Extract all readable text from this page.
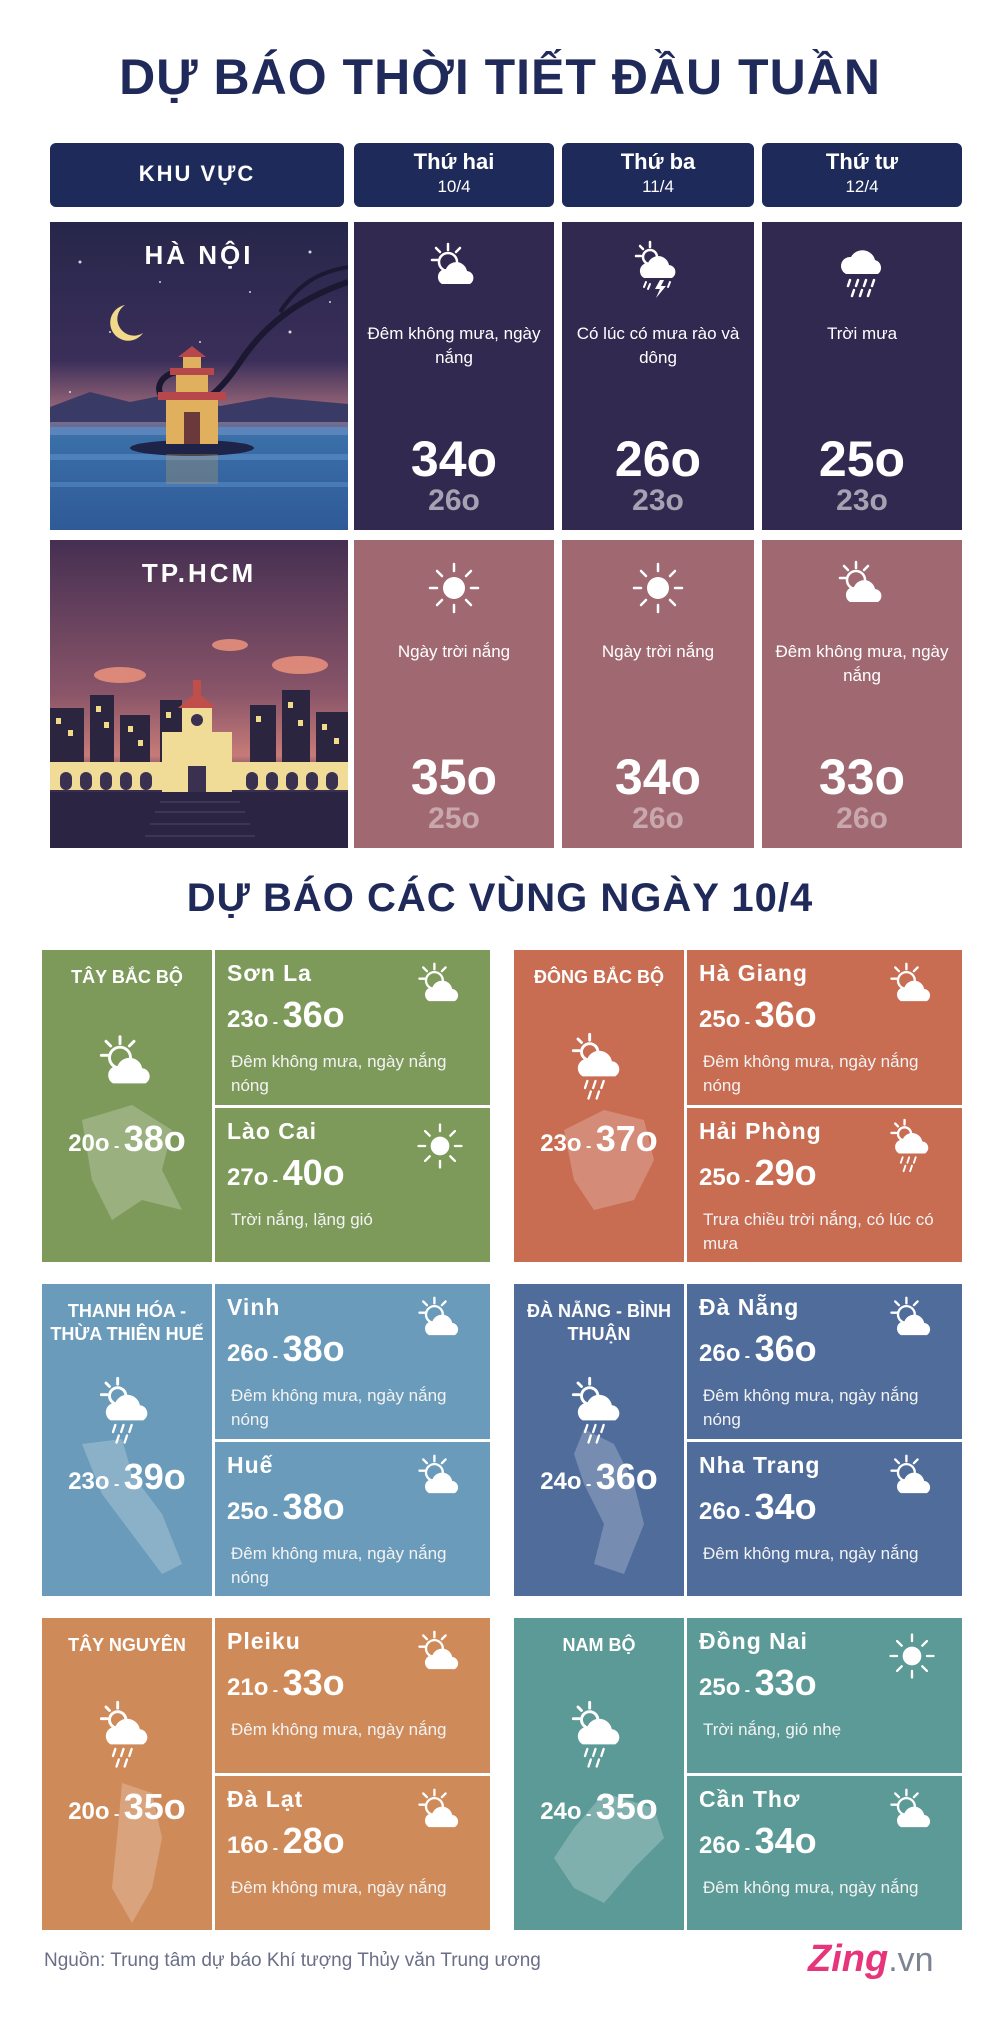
DỰ BÁO THỜI TIẾT ĐẦU TUẦN
KHU VỰC	Thứ hai
10/4
Thứ ba
11/4
Thứ tư
12/4
HÀ NỘI
TP.HCM
Đêm không mưa, ngày nắng
34o
26o
Có lúc có mưa rào và dông
26o
23o
Trời mưa
25o
23o
Ngày trời nắng
35o
25o
Ngày trời nắng
34o
26o
Đêm không mưa, ngày nắng
33o
26o
DỰ BÁO CÁC VÙNG NGÀY 10/4
TÂY BẮC BỘ
20o - 38o
Sơn La
23o - 36o
Đêm không mưa, ngày nắng nóng
Lào Cai
27o - 40o
Trời nắng, lặng gió
ĐÔNG BẮC BỘ
23o - 37o
Hà Giang
25o - 36o
Đêm không mưa, ngày nắng nóng
Hải Phòng
25o - 29o
Trưa chiều trời nắng, có lúc có mưa
THANH HÓA - THỪA THIÊN HUẾ
23o - 39o
Vinh
26o - 38o
Đêm không mưa, ngày nắng nóng
Huế
25o - 38o
Đêm không mưa, ngày nắng nóng
ĐÀ NẴNG - BÌNH THUẬN
24o - 36o
Đà Nẵng
26o - 36o
Đêm không mưa, ngày nắng nóng
Nha Trang
26o - 34o
Đêm không mưa, ngày nắng
TÂY NGUYÊN
20o - 35o
Pleiku
21o - 33o
Đêm không mưa, ngày nắng
Đà Lạt
16o - 28o
Đêm không mưa, ngày nắng
NAM BỘ
24o - 35o
Đồng Nai
25o - 33o
Trời nắng, gió nhẹ
Cần Thơ
26o - 34o
Đêm không mưa, ngày nắng
Nguồn: Trung tâm dự báo Khí tượng Thủy văn Trung ương	Zing.vn
